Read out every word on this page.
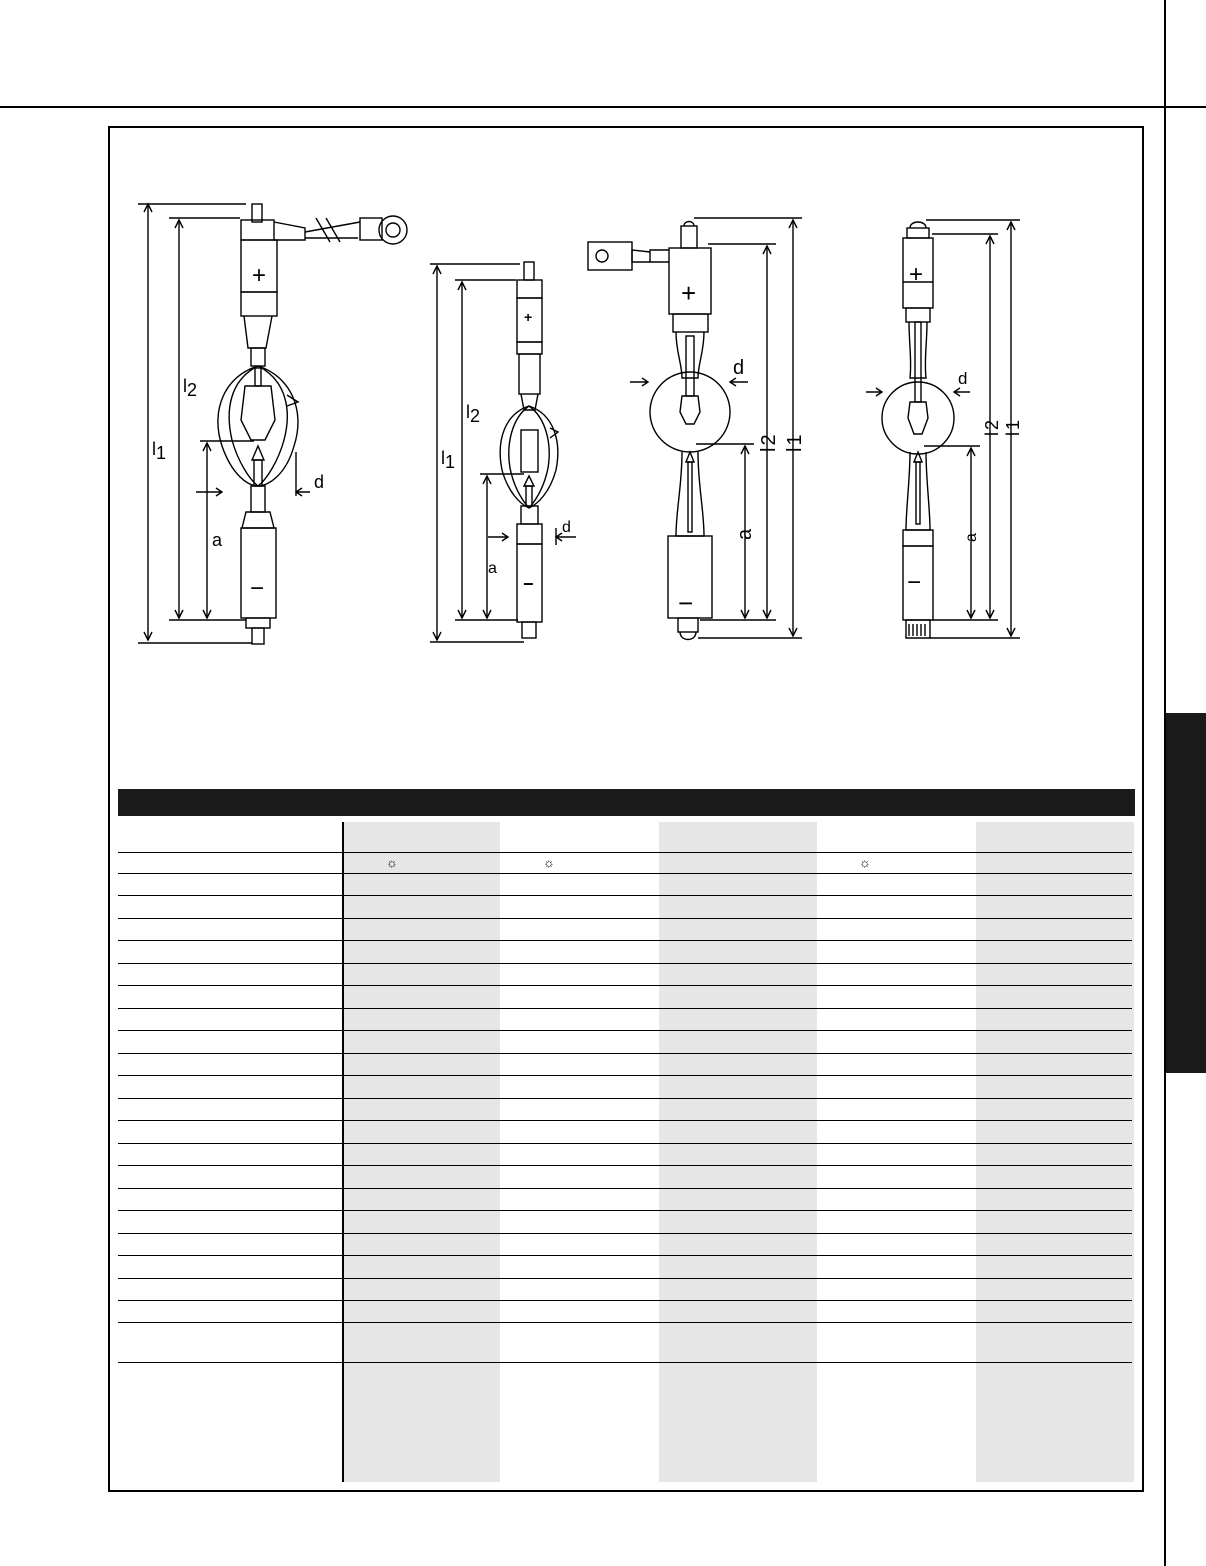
+
−
l1
l2
a
d
+
−
l1
l2
a
d
+
−
d
a
l2
l1
+
−
d
a
l2
l1
☼	☼	☼
